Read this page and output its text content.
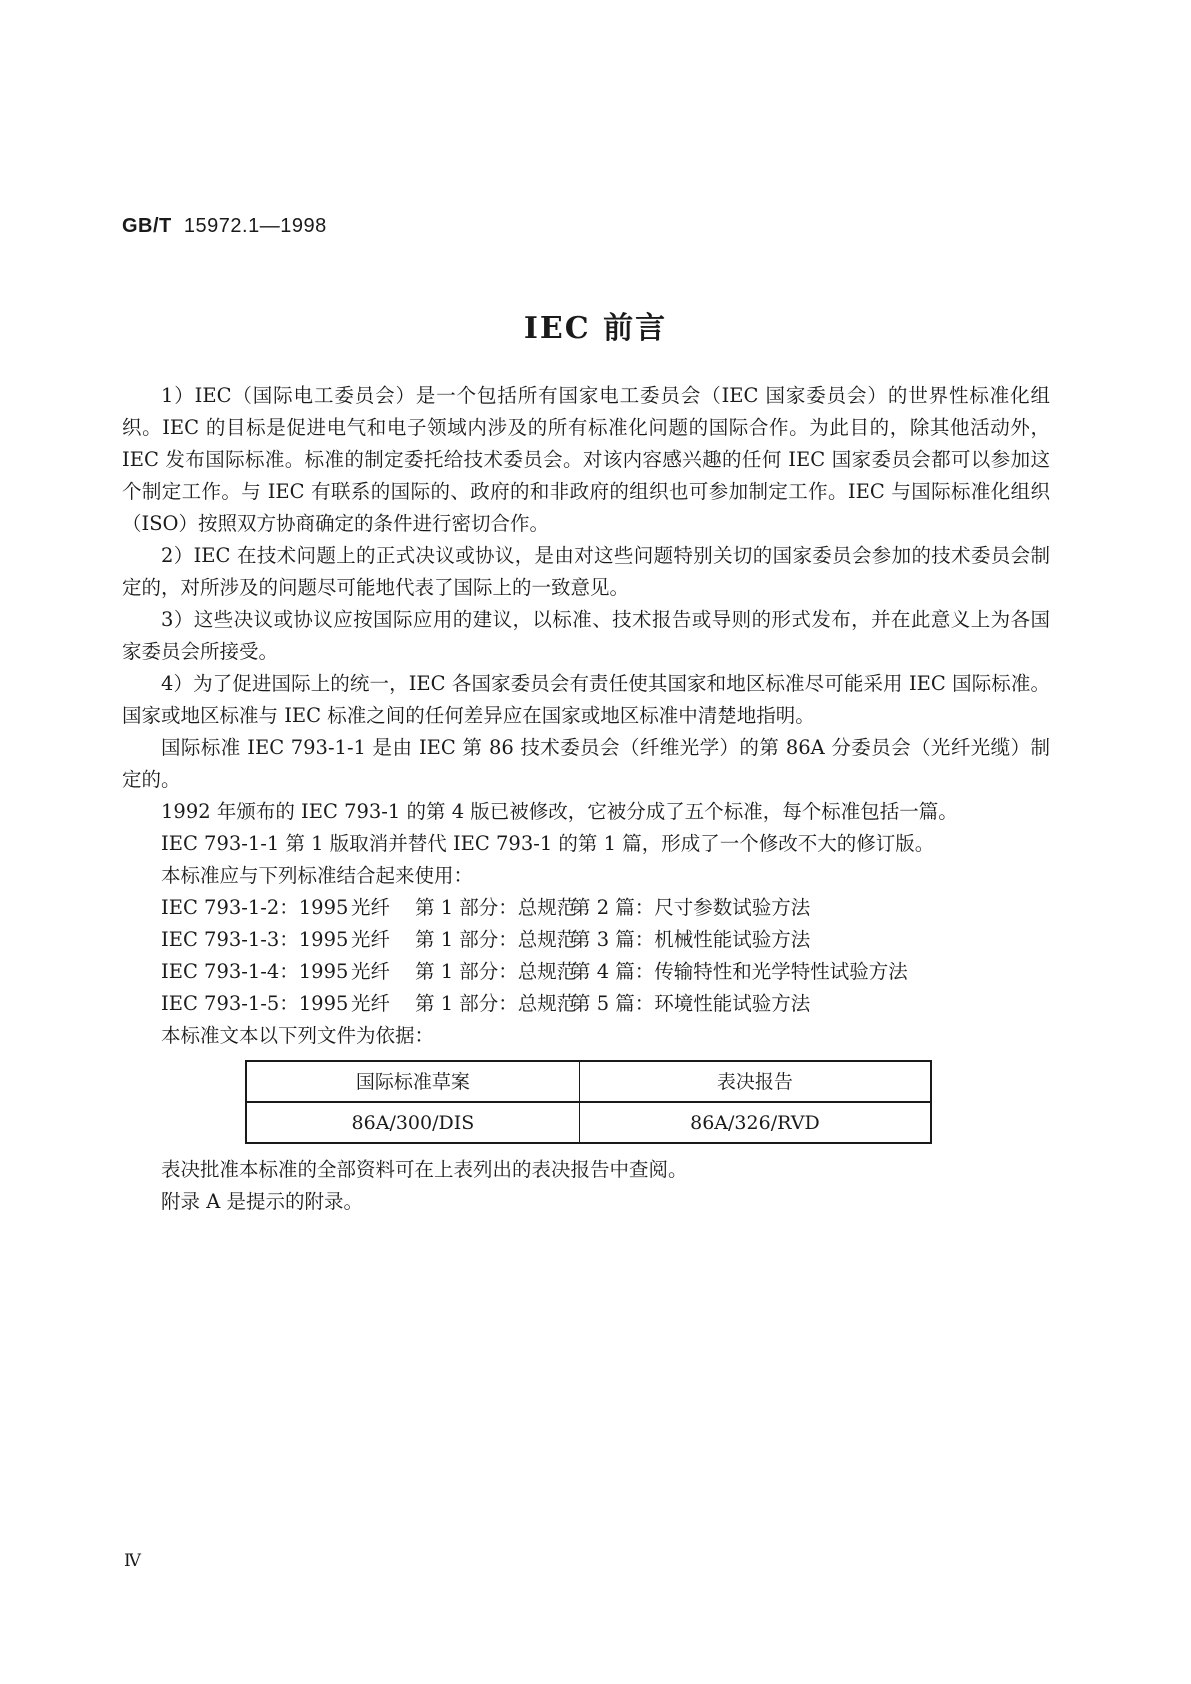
GB/T 15972.1—1998
IEC 前言

1）IEC（国际电工委员会）是一个包括所有国家电工委员会（IEC 国家委员会）的世界性标准化组织。IEC 的目标是促进电气和电子领域内涉及的所有标准化问题的国际合作。为此目的，除其他活动外，IEC 发布国际标准。标准的制定委托给技术委员会。对该内容感兴趣的任何 IEC 国家委员会都可以参加这个制定工作。与 IEC 有联系的国际的、政府的和非政府的组织也可参加制定工作。IEC 与国际标准化组织（ISO）按照双方协商确定的条件进行密切合作。

2）IEC 在技术问题上的正式决议或协议，是由对这些问题特别关切的国家委员会参加的技术委员会制定的，对所涉及的问题尽可能地代表了国际上的一致意见。

3）这些决议或协议应按国际应用的建议，以标准、技术报告或导则的形式发布，并在此意义上为各国家委员会所接受。

4）为了促进国际上的统一，IEC 各国家委员会有责任使其国家和地区标准尽可能采用 IEC 国际标准。国家或地区标准与 IEC 标准之间的任何差异应在国家或地区标准中清楚地指明。

国际标准 IEC 793-1-1 是由 IEC 第 86 技术委员会（纤维光学）的第 86A 分委员会（光纤光缆）制定的。

1992 年颁布的 IEC 793-1 的第 4 版已被修改，它被分成了五个标准，每个标准包括一篇。

IEC 793-1-1 第 1 版取消并替代 IEC 793-1 的第 1 篇，形成了一个修改不大的修订版。

本标准应与下列标准结合起来使用：

IEC 793-1-2：1995 光纤 第 1 部分：总规范第 2 篇：尺寸参数试验方法

IEC 793-1-3：1995 光纤 第 1 部分：总规范第 3 篇：机械性能试验方法

IEC 793-1-4：1995 光纤 第 1 部分：总规范第 4 篇：传输特性和光学特性试验方法

IEC 793-1-5：1995 光纤 第 1 部分：总规范第 5 篇：环境性能试验方法

本标准文本以下列文件为依据：

国际标准草案	表决报告
86A/300/DIS	86A/326/RVD

表决批准本标准的全部资料可在上表列出的表决报告中查阅。

附录 A 是提示的附录。

Ⅳ
